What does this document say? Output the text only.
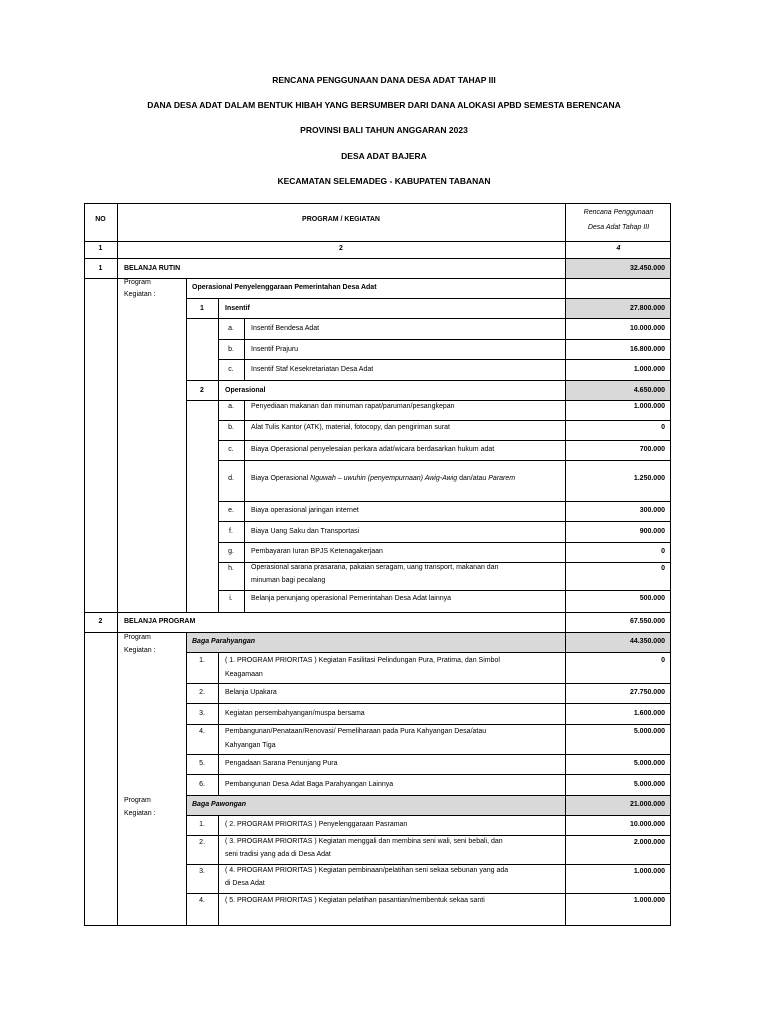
RENCANA PENGGUNAAN DANA DESA ADAT TAHAP III
DANA DESA ADAT DALAM BENTUK HIBAH YANG BERSUMBER DARI DANA ALOKASI APBD SEMESTA BERENCANA
PROVINSI BALI TAHUN ANGGARAN 2023
DESA ADAT BAJERA
KECAMATAN SELEMADEG - KABUPATEN TABANAN
NO	PROGRAM / KEGIATAN
Rencana Penggunaan
Desa Adat Tahap III
1	2	4
1	BELANJA RUTIN	32.450.000
Program
Kegiatan :
Operasional Penyelenggaraan Pemerintahan Desa Adat
1	Insentif	27.800.000
a.	Insentif Bendesa Adat	10.000.000
b.	Insentif Prajuru	16.800.000
c.	Insentif Staf Kesekretariatan Desa Adat	1.000.000
2	Operasional	4.650.000
a.	Penyediaan makanan dan minuman rapat/paruman/pesangkepan	1.000.000
b.	Alat Tulis Kantor (ATK), material, fotocopy, dan pengiriman surat	0
c.	Biaya Operasional penyelesaian perkara adat/wicara berdasarkan hukum adat	700.000
d.	Biaya Operasional Nguwah – uwuhin (penyempurnaan) Awig-Awig dan/atau Pararem	1.250.000
e.	Biaya operasional jaringan internet	300.000
f.	Biaya Uang Saku dan Transportasi	900.000
g.	Pembayaran Iuran BPJS Ketenagakerjaan	0
h.	Operasional sarana prasarana, pakaian seragam, uang transport, makanan dan
minuman bagi pecalang
0
i.	Belanja penunjang operasional Pemerintahan Desa Adat lainnya	500.000
2	BELANJA PROGRAM	67.550.000
Program
Kegiatan :
Baga Parahyangan	44.350.000
1.	( 1. PROGRAM PRIORITAS ) Kegiatan Fasilitasi Pelindungan Pura, Pratima, dan Simbol
Keagamaan
0
2.	Belanja Upakara	27.750.000
3.	Kegiatan persembahyangan/muspa bersama	1.600.000
4.	Pembangunan/Penataan/Renovasi/ Pemeliharaan pada Pura Kahyangan Desa/atau
Kahyangan Tiga
5.000.000
5.	Pengadaan Sarana Penunjang Pura	5.000.000
6.	Pembangunan Desa Adat Baga Parahyangan Lainnya	5.000.000
Program
Kegiatan :
Baga Pawongan	21.000.000
1.	( 2. PROGRAM PRIORITAS ) Penyelenggaraan Pasraman	10.000.000
2.	( 3. PROGRAM PRIORITAS ) Kegiatan menggali dan membina seni wali, seni bebali, dan
seni tradisi yang ada di Desa Adat
2.000.000
3.	( 4. PROGRAM PRIORITAS ) Kegiatan pembinaan/pelatihan seni sekaa sebunan yang ada
di Desa Adat
1.000.000
4.	( 5. PROGRAM PRIORITAS ) Kegiatan pelatihan pasantian/membentuk sekaa santi	1.000.000
